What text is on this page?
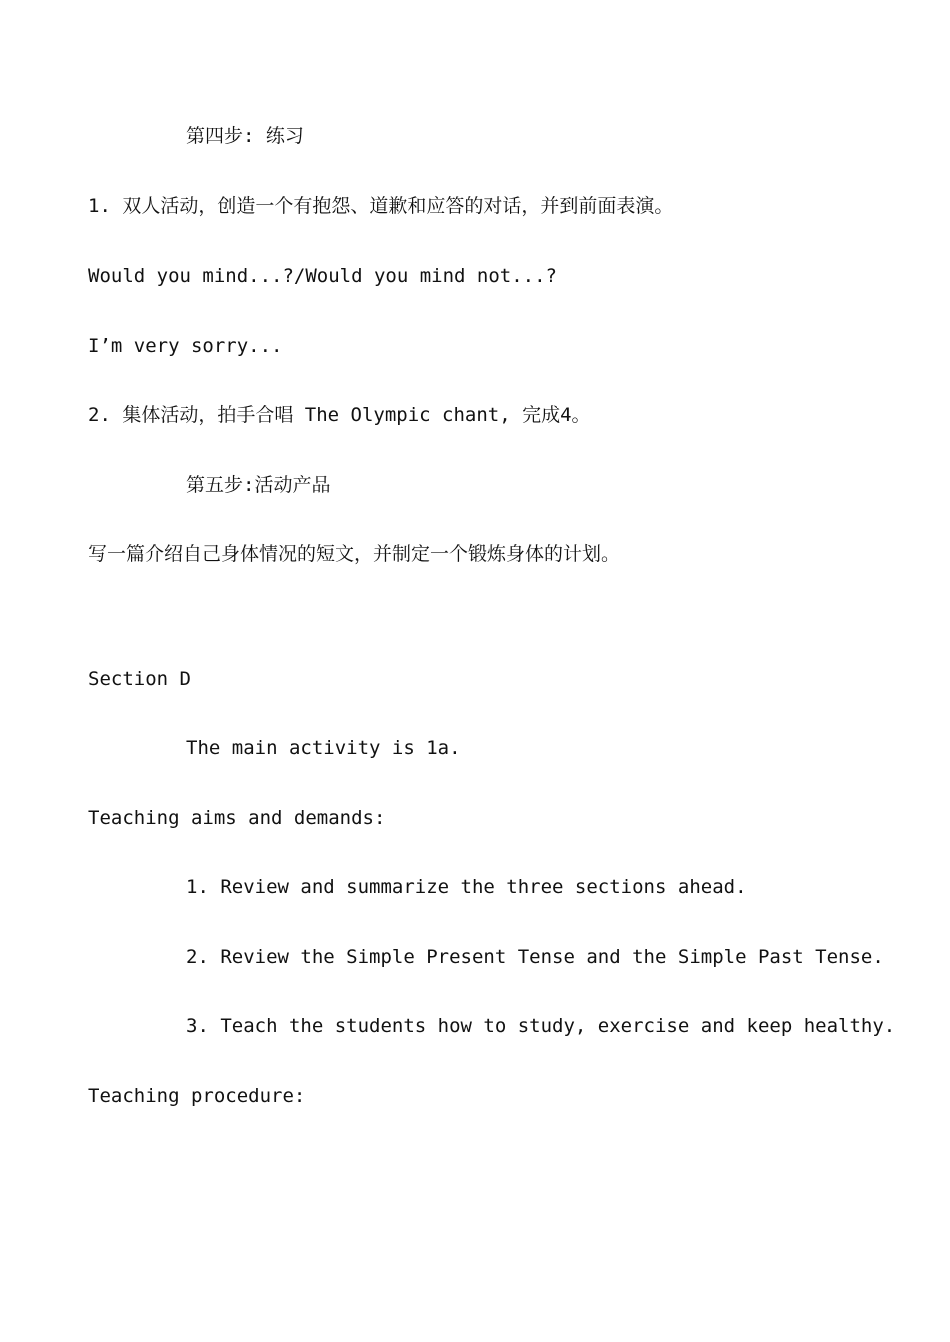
第四步: 练习
1. 双人活动，创造一个有抱怨、道歉和应答的对话，并到前面表演。
Would you mind...?/Would you mind not...?
I’m very sorry...
2. 集体活动，拍手合唱 The Olympic chant, 完成4。
第五步:活动产品
写一篇介绍自己身体情况的短文，并制定一个锻炼身体的计划。
Section D
The main activity is 1a.
Teaching aims and demands:
1. Review and summarize the three sections ahead.
2. Review the Simple Present Tense and the Simple Past Tense.
3. Teach the students how to study, exercise and keep healthy.
Teaching procedure:
